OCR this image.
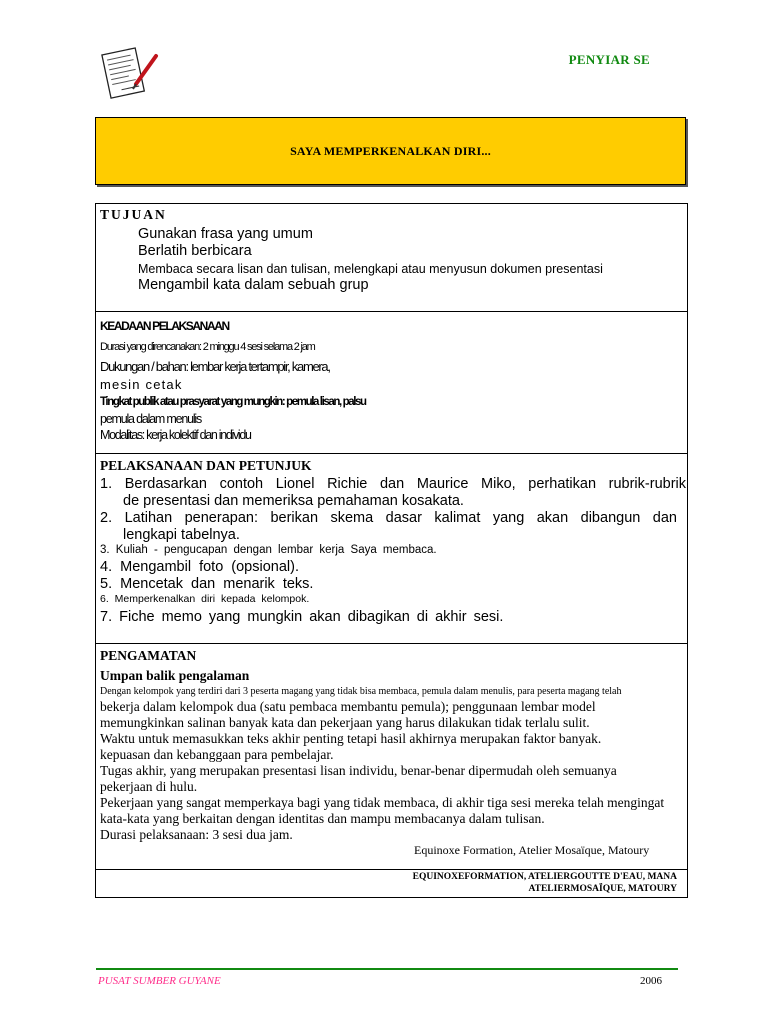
PENYIAR SE
SAYA MEMPERKENALKAN DIRI...
TUJUAN
Gunakan frasa yang umum
Berlatih berbicara
Membaca secara lisan dan tulisan, melengkapi atau menyusun dokumen presentasi
Mengambil kata dalam sebuah grup
KEADAAN PELAKSANAAN
Durasi yang direncanakan: 2 minggu 4 sesi selama 2 jam
Dukungan / bahan: lembar kerja tertampir, kamera,
mesin cetak
Tingkat publik atau prasyarat yang mungkin: pemula lisan, palsu
pemula dalam menulis
Modalitas: kerja kolektif dan individu
PELAKSANAAN DAN PETUNJUK
1. Berdasarkan contoh Lionel Richie dan Maurice Miko, perhatikan rubrik-rubrik
de presentasi dan memeriksa pemahaman kosakata.
2. Latihan penerapan: berikan skema dasar kalimat yang akan dibangun dan
lengkapi tabelnya.
3. Kuliah - pengucapan dengan lembar kerja Saya membaca.
4. Mengambil foto (opsional).
5. Mencetak dan menarik teks.
6. Memperkenalkan diri kepada kelompok.
7. Fiche memo yang mungkin akan dibagikan di akhir sesi.
PENGAMATAN
Umpan balik pengalaman
Dengan kelompok yang terdiri dari 3 peserta magang yang tidak bisa membaca, pemula dalam menulis, para peserta magang telah
bekerja dalam kelompok dua (satu pembaca membantu pemula); penggunaan lembar model
memungkinkan salinan banyak kata dan pekerjaan yang harus dilakukan tidak terlalu sulit.
Waktu untuk memasukkan teks akhir penting tetapi hasil akhirnya merupakan faktor banyak.
kepuasan dan kebanggaan para pembelajar.
Tugas akhir, yang merupakan presentasi lisan individu, benar-benar dipermudah oleh semuanya
pekerjaan di hulu.
Pekerjaan yang sangat memperkaya bagi yang tidak membaca, di akhir tiga sesi mereka telah mengingat
kata-kata yang berkaitan dengan identitas dan mampu membacanya dalam tulisan.
Durasi pelaksanaan: 3 sesi dua jam.
Equinoxe Formation, Atelier Mosaïque, Matoury
EQUINOXEFORMATION, ATELIERGOUTTE D'EAU, MANA
ATELIERMOSAÏQUE, MATOURY
PUSAT SUMBER GUYANE	2006
